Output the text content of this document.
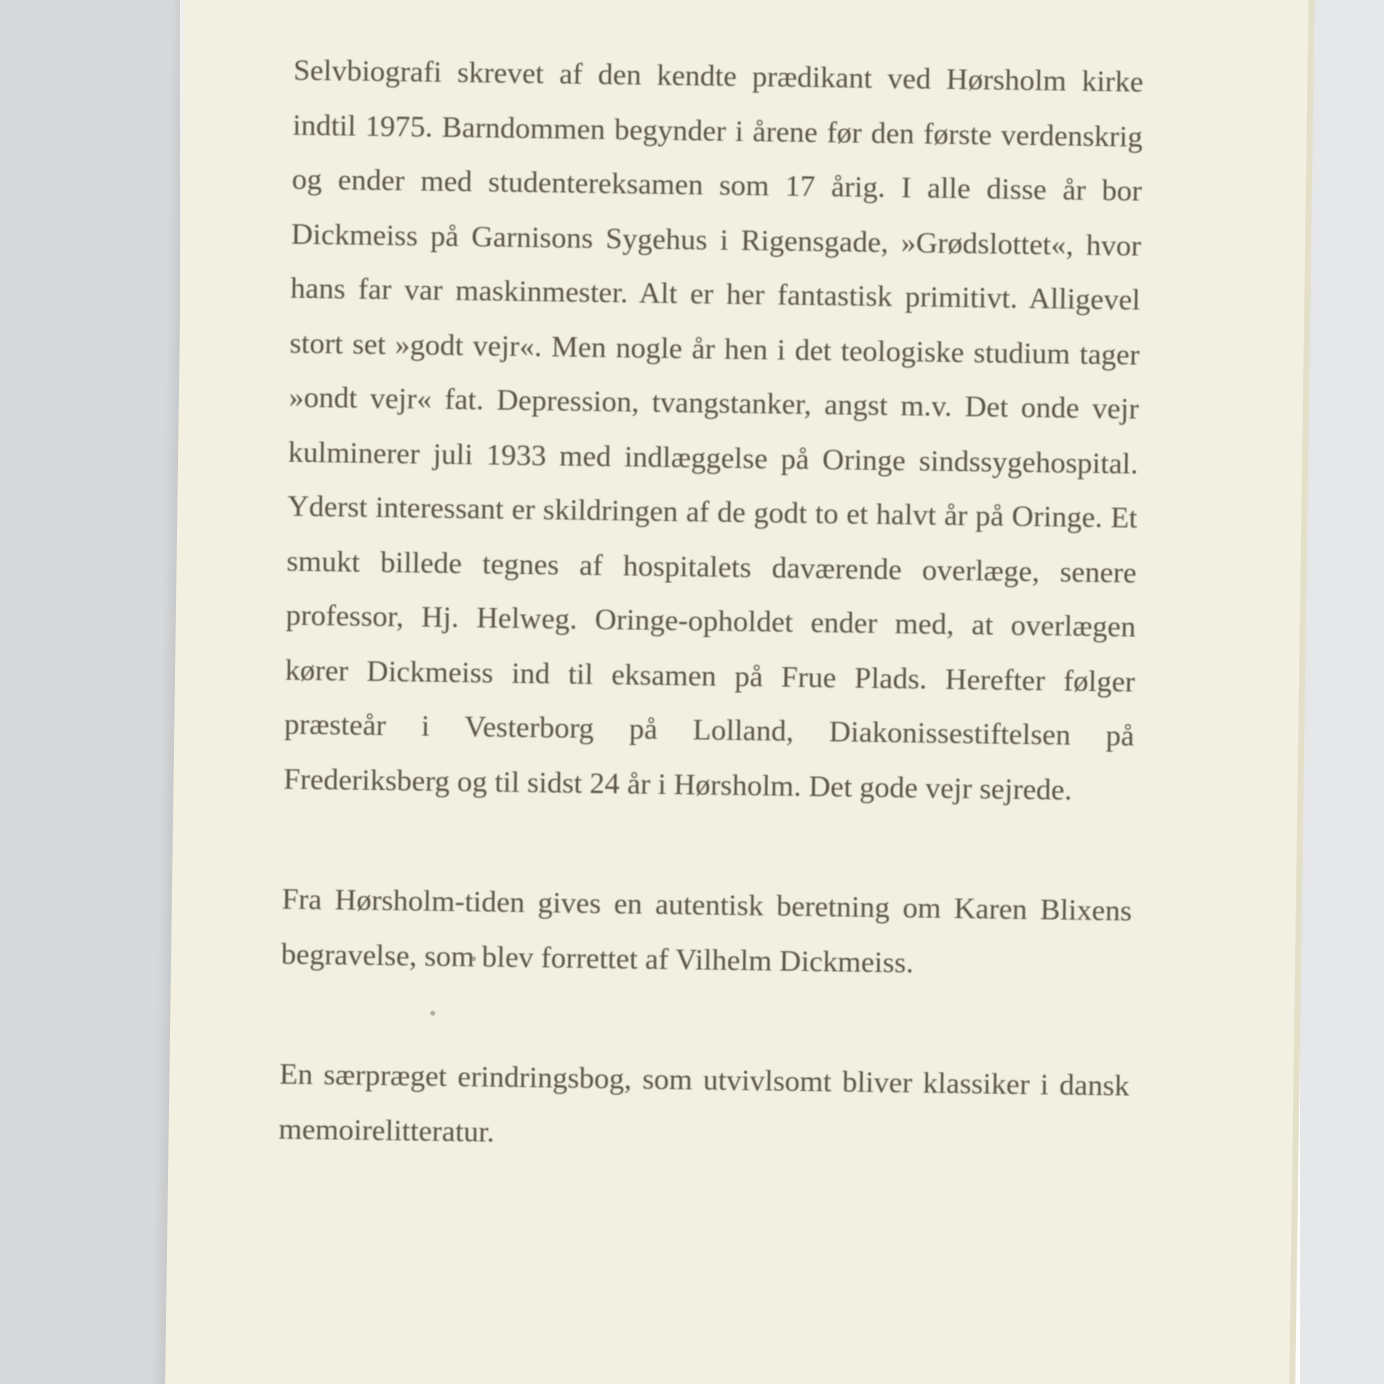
Selvbiografi skrevet af den kendte prædikant ved Hørsholm kirke indtil 1975. Barndommen begynder i årene før den første verdenskrig og ender med studentereksamen som 17 årig. I alle disse år bor Dickmeiss på Garnisons Sygehus i Rigensgade, »Grødslottet«, hvor hans far var maskinmester. Alt er her fantastisk primitivt. Alligevel stort set »godt vejr«. Men nogle år hen i det teologiske studium tager »ondt vejr« fat. Depression, tvangstanker, angst m.v. Det onde vejr kulminerer juli 1933 med indlæggelse på Oringe sindssygehospital. Yderst interessant er skildringen af de godt to et halvt år på Oringe. Et smukt billede tegnes af hospitalets daværende overlæge, senere professor, Hj. Helweg. Oringe-opholdet ender med, at overlægen kører Dickmeiss ind til eksamen på Frue Plads. Herefter følger præsteår i Vesterborg på Lolland, Diakonissestiftelsen på Frederiksberg og til sidst 24 år i Hørsholm. Det gode vejr sejrede.

Fra Hørsholm-tiden gives en autentisk beretning om Karen Blixens begravelse, som blev forrettet af Vilhelm Dickmeiss.

En særpræget erindringsbog, som utvivlsomt bliver klassiker i dansk memoirelitteratur.
